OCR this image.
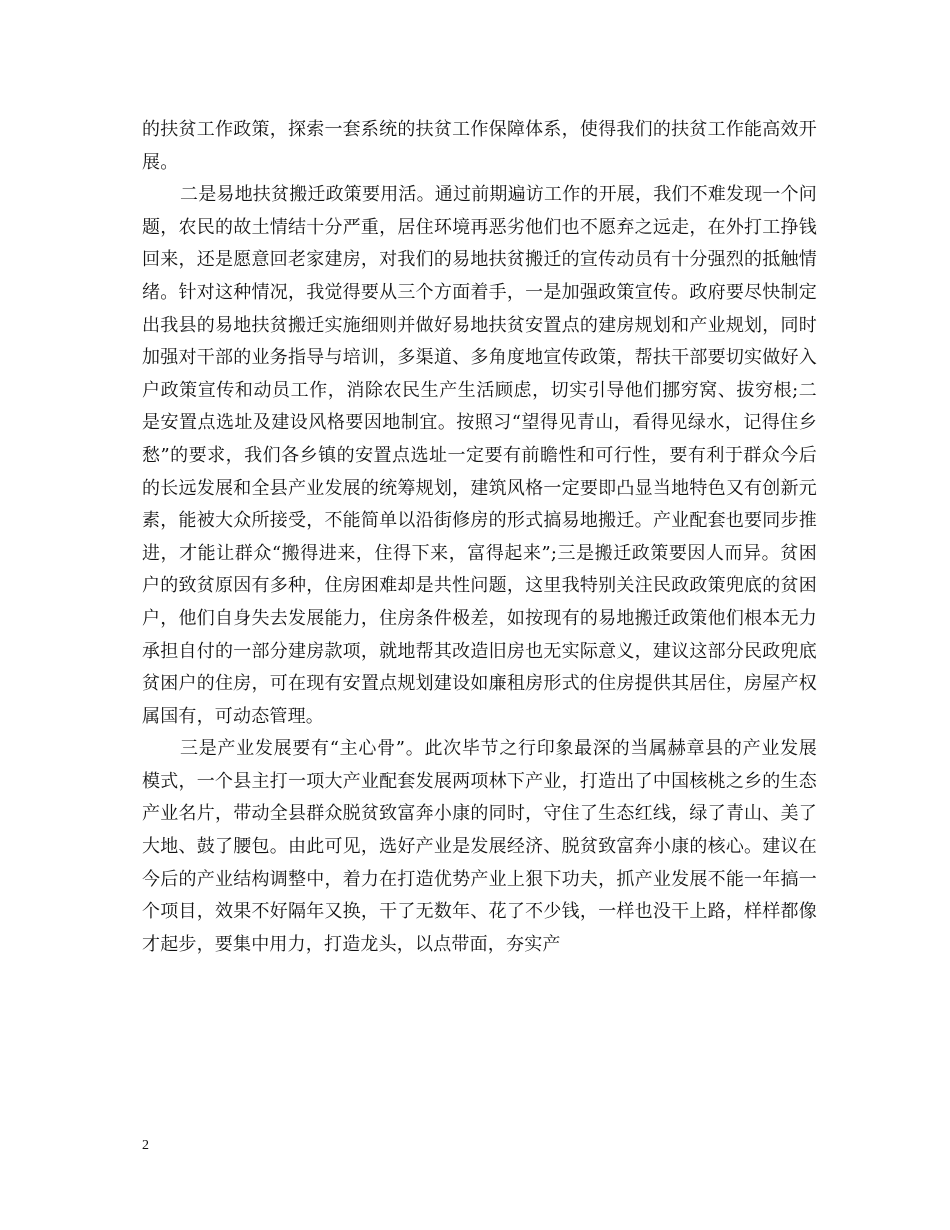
的扶贫工作政策，探索一套系统的扶贫工作保障体系，使得我们的扶贫工作能高效开展。

二是易地扶贫搬迁政策要用活。通过前期遍访工作的开展，我们不难发现一个问题，农民的故土情结十分严重，居住环境再恶劣他们也不愿弃之远走，在外打工挣钱回来，还是愿意回老家建房，对我们的易地扶贫搬迁的宣传动员有十分强烈的抵触情绪。针对这种情况，我觉得要从三个方面着手，一是加强政策宣传。政府要尽快制定出我县的易地扶贫搬迁实施细则并做好易地扶贫安置点的建房规划和产业规划，同时加强对干部的业务指导与培训，多渠道、多角度地宣传政策，帮扶干部要切实做好入户政策宣传和动员工作，消除农民生产生活顾虑，切实引导他们挪穷窝、拔穷根;二是安置点选址及建设风格要因地制宜。按照习“望得见青山，看得见绿水，记得住乡愁”的要求，我们各乡镇的安置点选址一定要有前瞻性和可行性，要有利于群众今后的长远发展和全县产业发展的统筹规划，建筑风格一定要即凸显当地特色又有创新元素，能被大众所接受，不能简单以沿街修房的形式搞易地搬迁。产业配套也要同步推进，才能让群众“搬得进来，住得下来，富得起来”;三是搬迁政策要因人而异。贫困户的致贫原因有多种，住房困难却是共性问题，这里我特别关注民政政策兜底的贫困户，他们自身失去发展能力，住房条件极差，如按现有的易地搬迁政策他们根本无力承担自付的一部分建房款项，就地帮其改造旧房也无实际意义，建议这部分民政兜底贫困户的住房，可在现有安置点规划建设如廉租房形式的住房提供其居住，房屋产权属国有，可动态管理。

三是产业发展要有“主心骨”。此次毕节之行印象最深的当属赫章县的产业发展模式，一个县主打一项大产业配套发展两项林下产业，打造出了中国核桃之乡的生态产业名片，带动全县群众脱贫致富奔小康的同时，守住了生态红线，绿了青山、美了大地、鼓了腰包。由此可见，选好产业是发展经济、脱贫致富奔小康的核心。建议在今后的产业结构调整中，着力在打造优势产业上狠下功夫，抓产业发展不能一年搞一个项目，效果不好隔年又换，干了无数年、花了不少钱，一样也没干上路，样样都像才起步，要集中用力，打造龙头，以点带面，夯实产

2
